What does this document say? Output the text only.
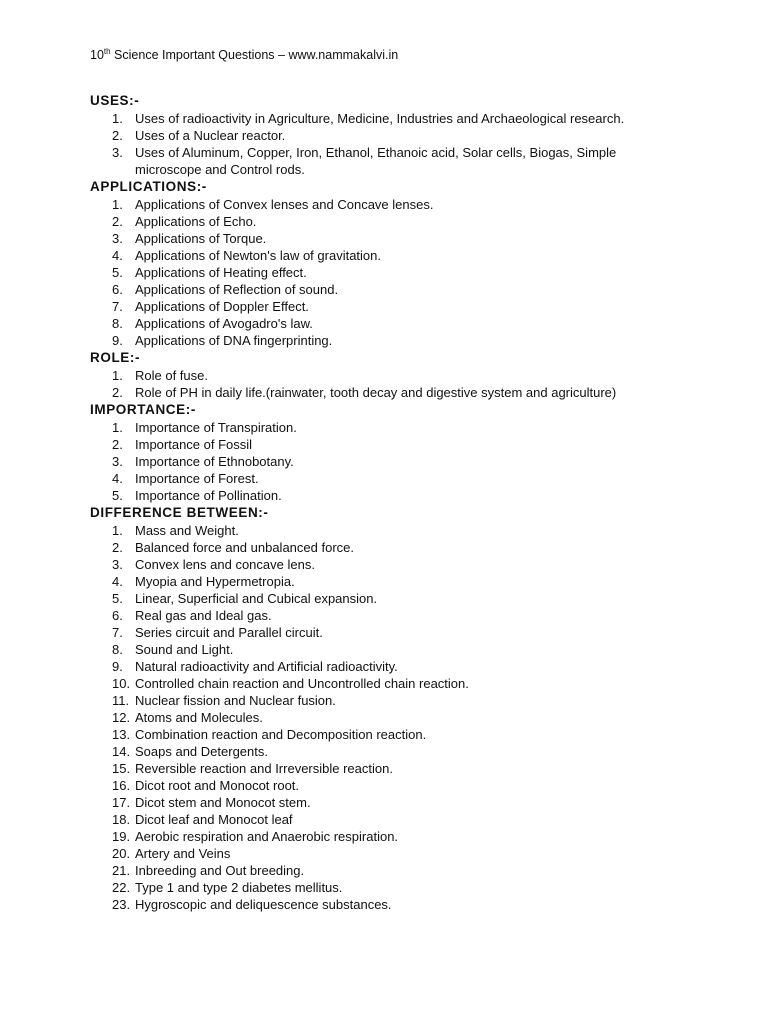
10th Science Important Questions – www.nammakalvi.in
USES:-
1. Uses of radioactivity in Agriculture, Medicine, Industries and Archaeological research.
2. Uses of a Nuclear reactor.
3. Uses of Aluminum, Copper, Iron, Ethanol, Ethanoic acid, Solar cells, Biogas, Simple microscope and Control rods.
APPLICATIONS:-
1. Applications of Convex lenses and Concave lenses.
2. Applications of Echo.
3. Applications of Torque.
4. Applications of Newton's law of gravitation.
5. Applications of Heating effect.
6. Applications of Reflection of sound.
7. Applications of Doppler Effect.
8. Applications of Avogadro's law.
9. Applications of DNA fingerprinting.
ROLE:-
1. Role of fuse.
2. Role of PH in daily life.(rainwater, tooth decay and digestive system and agriculture)
IMPORTANCE:-
1. Importance of Transpiration.
2. Importance of Fossil
3. Importance of Ethnobotany.
4. Importance of Forest.
5. Importance of Pollination.
DIFFERENCE BETWEEN:-
1. Mass and Weight.
2. Balanced force and unbalanced force.
3. Convex lens and concave lens.
4. Myopia and Hypermetropia.
5. Linear, Superficial and Cubical expansion.
6. Real gas and Ideal gas.
7. Series circuit and Parallel circuit.
8. Sound and Light.
9. Natural radioactivity and Artificial radioactivity.
10. Controlled chain reaction and Uncontrolled chain reaction.
11. Nuclear fission and Nuclear fusion.
12. Atoms and Molecules.
13. Combination reaction and Decomposition reaction.
14. Soaps and Detergents.
15. Reversible reaction and Irreversible reaction.
16. Dicot root and Monocot root.
17. Dicot stem and Monocot stem.
18. Dicot leaf and Monocot leaf
19. Aerobic respiration and Anaerobic respiration.
20. Artery and Veins
21. Inbreeding and Out breeding.
22. Type 1 and type 2 diabetes mellitus.
23. Hygroscopic and deliquescence substances.
